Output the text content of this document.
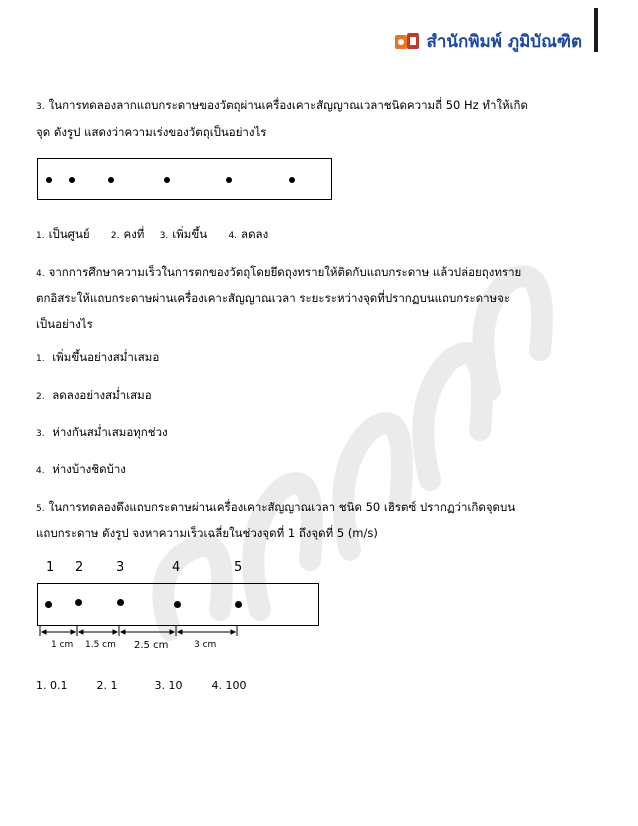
สำนักพิมพ์ ภูมิบัณฑิต
3. ในการทดลองลากแถบกระดาษของวัตถุผ่านเครื่องเคาะสัญญาณเวลาชนิดความถี่ 50 Hz ทำให้เกิด
จุด ดังรูป แสดงว่าความเร่งของวัตถุเป็นอย่างไร
1. เป็นศูนย์ 2. คงที่ 3. เพิ่มขึ้น 4. ลดลง
4. จากการศึกษาความเร็วในการตกของวัตถุโดยยึดถุงทรายให้ติดกับแถบกระดาษ แล้วปล่อยถุงทราย
ตกอิสระให้แถบกระดาษผ่านเครื่องเคาะสัญญาณเวลา ระยะระหว่างจุดที่ปรากฏบนแถบกระดาษจะ
เป็นอย่างไร
1. เพิ่มขึ้นอย่างสม่ำเสมอ
2. ลดลงอย่างสม่ำเสมอ
3. ห่างกันสม่ำเสมอทุกช่วง
4. ห่างบ้างชิดบ้าง
5. ในการทดลองดึงแถบกระดาษผ่านเครื่องเคาะสัญญาณเวลา ชนิด 50 เฮิรตซ์ ปรากฏว่าเกิดจุดบน
แถบกระดาษ ดังรูป จงหาความเร็วเฉลี่ยในช่วงจุดที่ 1 ถึงจุดที่ 5 (m/s)
1 2	3	4	5
1 cm 1.5 cm 2.5 cm	3 cm
1. 0.1	2. 1	3. 10	4. 100
